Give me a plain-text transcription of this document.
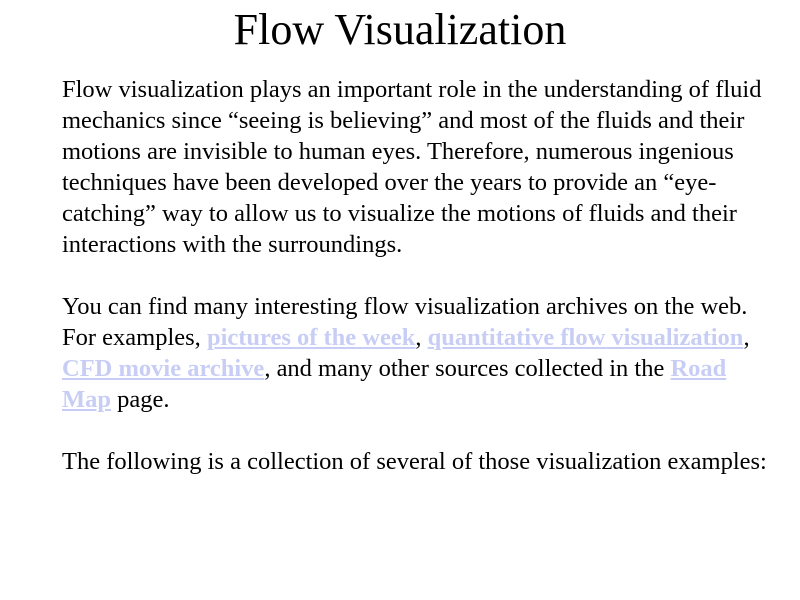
Flow Visualization

Flow visualization plays an important role in the understanding of fluid mechanics since “seeing is believing” and most of the fluids and their motions are invisible to human eyes. Therefore, numerous ingenious techniques have been developed over the years to provide an “eye-catching” way to allow us to visualize the motions of fluids and their interactions with the surroundings.

You can find many interesting flow visualization archives on the web. For examples, pictures of the week, quantitative flow visualization, CFD movie archive, and many other sources collected in the Road Map page.

The following is a collection of several of those visualization examples:
